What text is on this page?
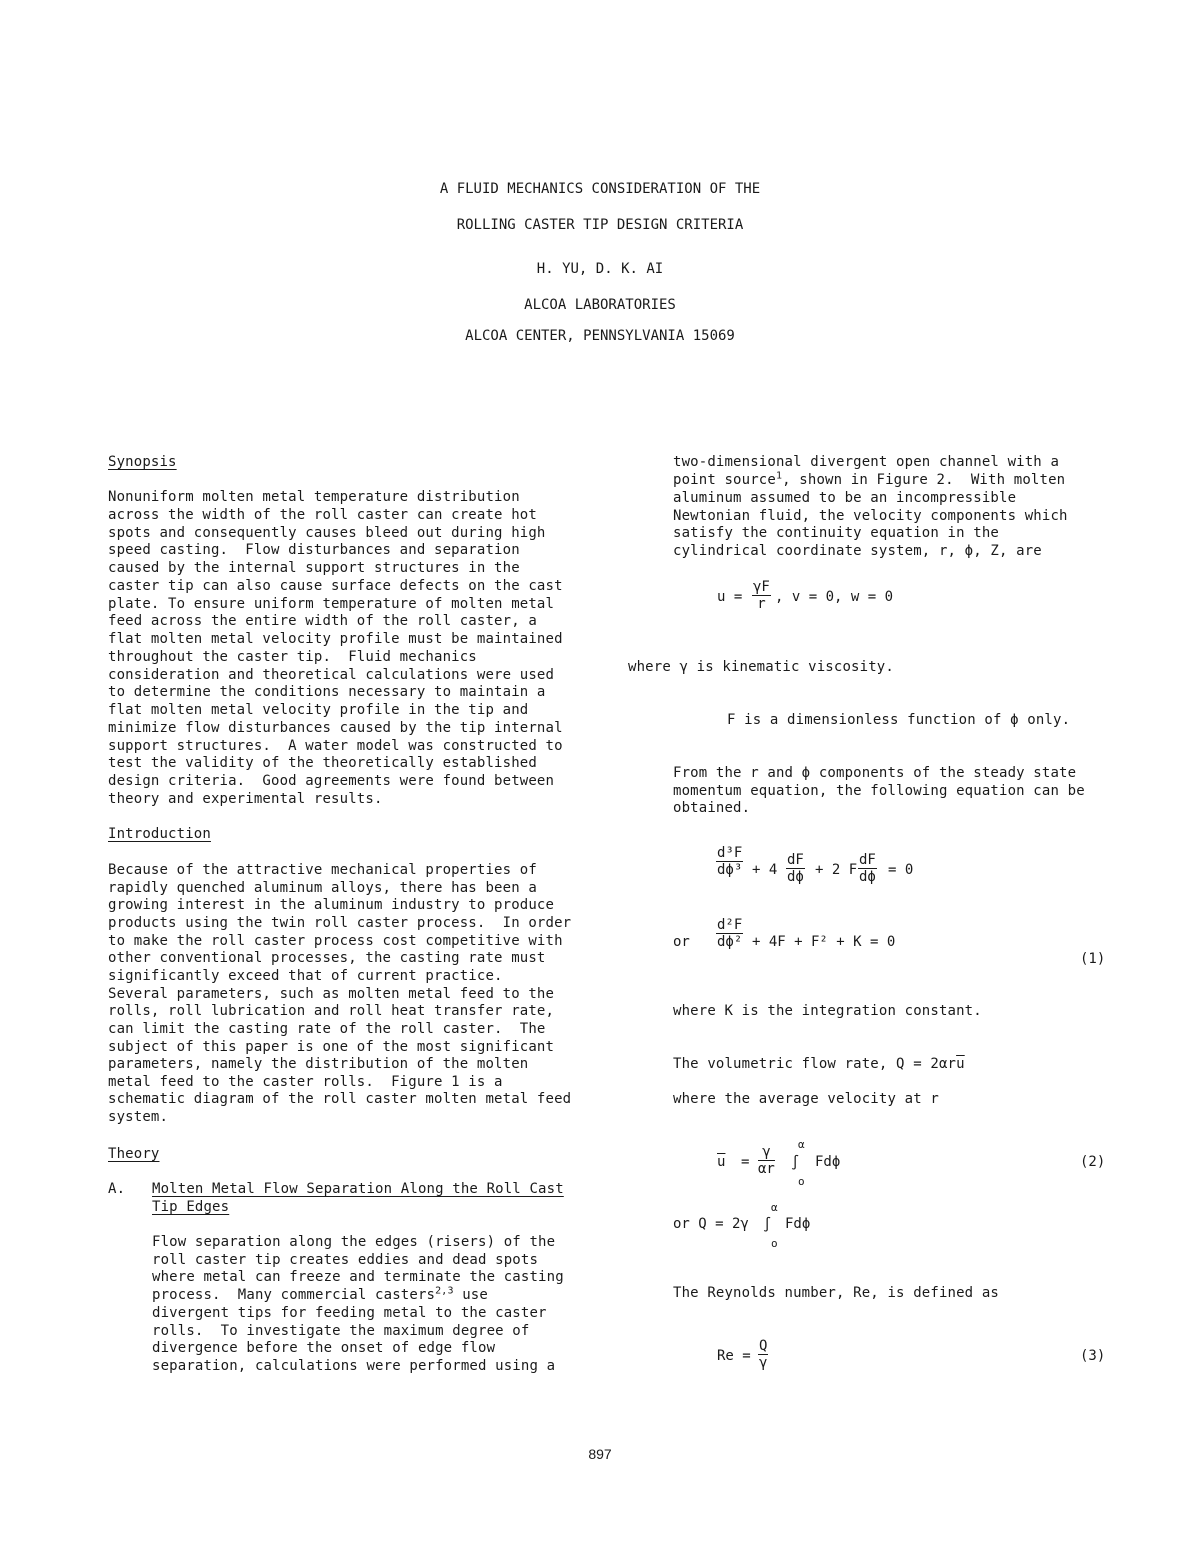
A FLUID MECHANICS CONSIDERATION OF THE
ROLLING CASTER TIP DESIGN CRITERIA
H. YU, D. K. AI
ALCOA LABORATORIES
ALCOA CENTER, PENNSYLVANIA 15069
Synopsis
Nonuniform molten metal temperature distribution
across the width of the roll caster can create hot
spots and consequently causes bleed out during high
speed casting.  Flow disturbances and separation
caused by the internal support structures in the
caster tip can also cause surface defects on the cast
plate. To ensure uniform temperature of molten metal
feed across the entire width of the roll caster, a
flat molten metal velocity profile must be maintained
throughout the caster tip.  Fluid mechanics
consideration and theoretical calculations were used
to determine the conditions necessary to maintain a
flat molten metal velocity profile in the tip and
minimize flow disturbances caused by the tip internal
support structures.  A water model was constructed to
test the validity of the theoretically established
design criteria.  Good agreements were found between
theory and experimental results.
Introduction
Because of the attractive mechanical properties of
rapidly quenched aluminum alloys, there has been a
growing interest in the aluminum industry to produce
products using the twin roll caster process.  In order
to make the roll caster process cost competitive with
other conventional processes, the casting rate must
significantly exceed that of current practice.
Several parameters, such as molten metal feed to the
rolls, roll lubrication and roll heat transfer rate,
can limit the casting rate of the roll caster.  The
subject of this paper is one of the most significant
parameters, namely the distribution of the molten
metal feed to the caster rolls.  Figure 1 is a
schematic diagram of the roll caster molten metal feed
system.
Theory
A. Molten Metal Flow Separation Along the Roll Cast
Tip Edges
Flow separation along the edges (risers) of the
roll caster tip creates eddies and dead spots
where metal can freeze and terminate the casting
process.  Many commercial casters$^{2,3}$ use
divergent tips for feeding metal to the caster
rolls.  To investigate the maximum degree of
divergence before the onset of edge flow
separation, calculations were performed using a
two-dimensional divergent open channel with a
point source$^1$, shown in Figure 2.  With molten
aluminum assumed to be an incompressible
Newtonian fluid, the velocity components which
satisfy the continuity equation in the
cylindrical coordinate system, r, ϕ, Z, are
$u = \frac{\gamma F}{r}$ , v = 0, w = 0
where γ is kinematic viscosity.
F is a dimensionless function of ϕ only.
From the r and ϕ components of the steady state
momentum equation, the following equation can be
obtained.
$\frac{\text{d³F}}{\text{dϕ³}} + 4 \frac{dF}{d\phi} + 2$ F $\frac{dF}{d\phi} = 0$
or $\frac{\text{d²F}}{\text{dϕ²}} + 4F + F^2 + K = 0$
(1)
where K is the integration constant.
The volumetric flow rate, $Q = 2\alpha r\overline{u}$
where the average velocity at r
$\overline{u} = \frac{\gamma}{\alpha r}$
α
∫
o
Fdϕ	(2)
or Q = 2γ
α
∫
o
Fdϕ
The Reynolds number, Re, is defined as
$Re = \frac{Q}{\gamma}$	(3)
897
